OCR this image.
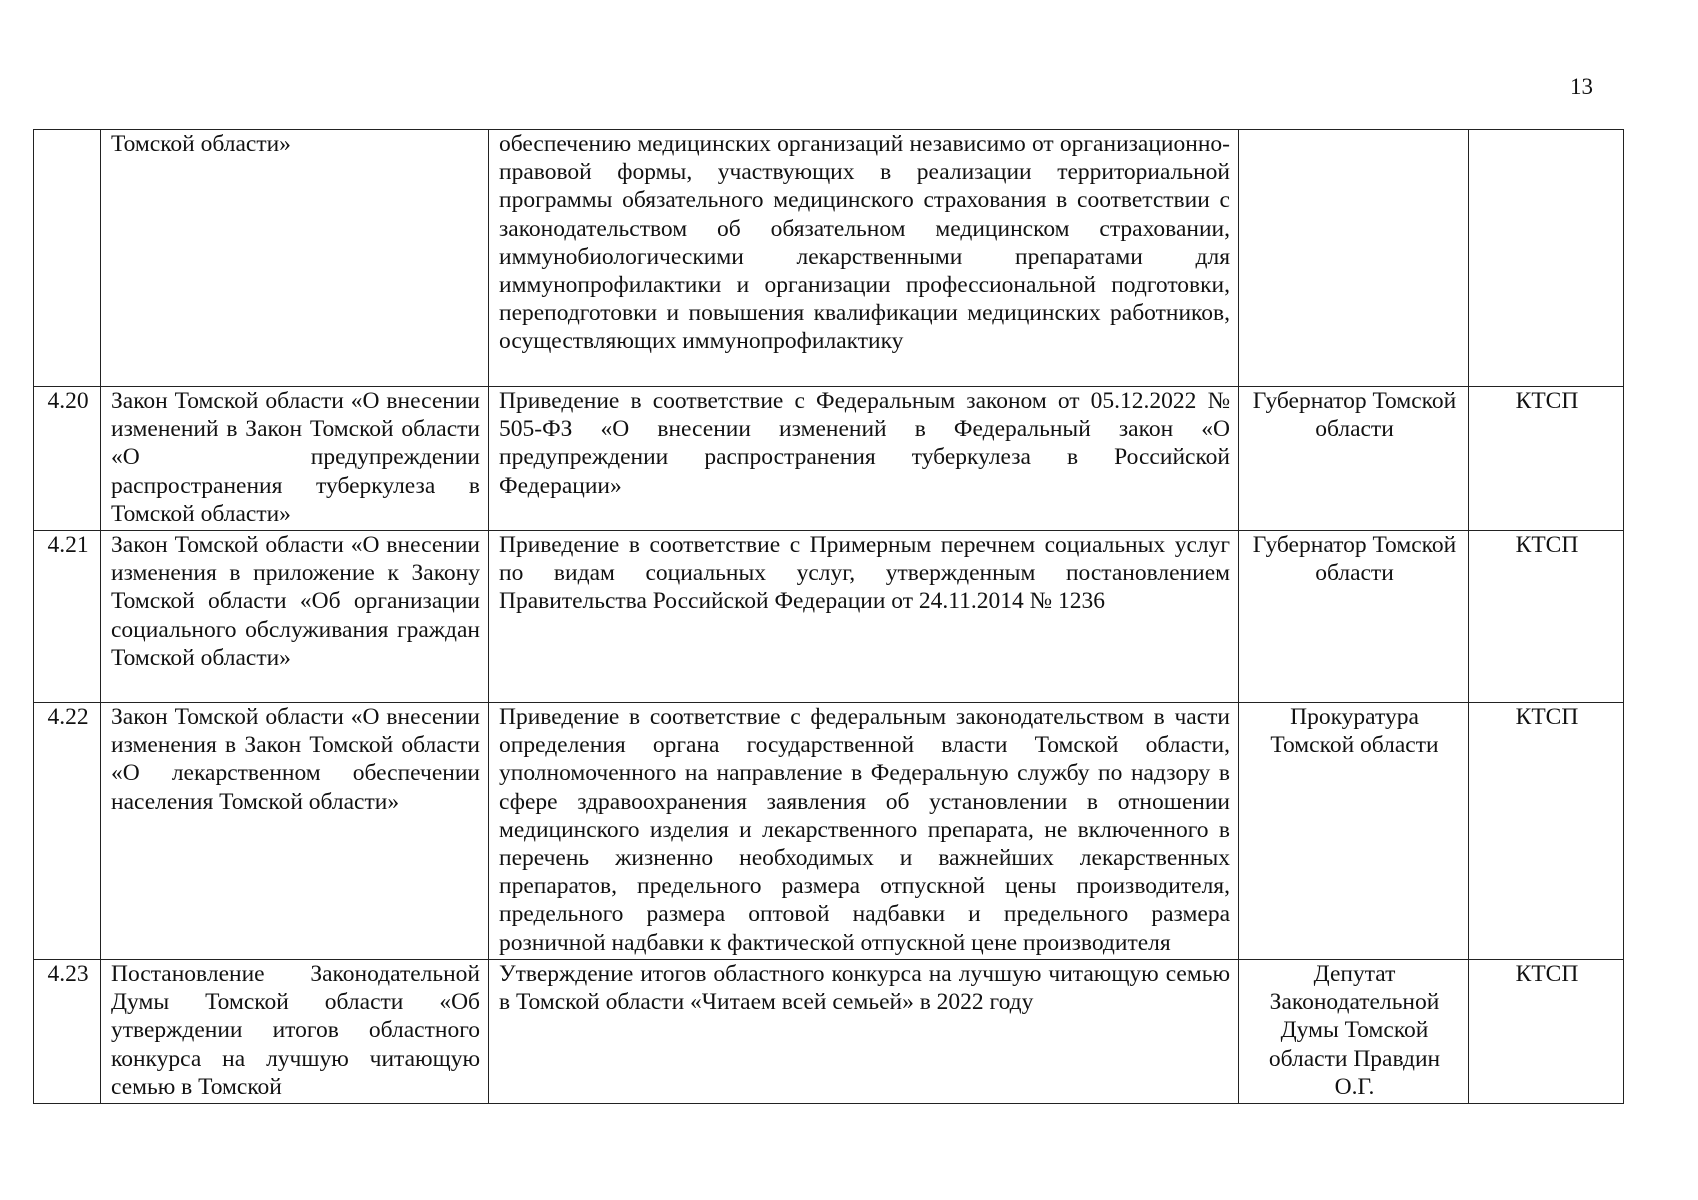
13
	Томской области»	обеспечению медицинских организаций независимо от организационно-правовой формы, участвующих в реализации территориальной программы обязательного медицинского страхования в соответствии с законодательством об обязательном медицинском страховании, иммунобиологическими лекарственными препаратами для иммунопрофилактики и организации профессиональной подготовки, переподготовки и повышения квалификации медицинских работников, осуществляющих иммунопрофилактику		
4.20	Закон Томской области «О внесении изменений в Закон Томской области «О предупреждении распространения туберкулеза в Томской области»	Приведение в соответствие с Федеральным законом от 05.12.2022 № 505-ФЗ «О внесении изменений в Федеральный закон «О предупреждении распространения туберкулеза в Российской Федерации»	Губернатор Томской области	КТСП
4.21	Закон Томской области «О внесении изменения в приложение к Закону Томской области «Об организации социального обслуживания граждан Томской области»	Приведение в соответствие с Примерным перечнем социальных услуг по видам социальных услуг, утвержденным постановлением Правительства Российской Федерации от 24.11.2014 № 1236	Губернатор Томской области	КТСП
4.22	Закон Томской области «О внесении изменения в Закон Томской области «О лекарственном обеспечении населения Томской области»	Приведение в соответствие с федеральным законодательством в части определения органа государственной власти Томской области, уполномоченного на направление в Федеральную службу по надзору в сфере здравоохранения заявления об установлении в отношении медицинского изделия и лекарственного препарата, не включенного в перечень жизненно необходимых и важнейших лекарственных препаратов, предельного размера отпускной цены производителя, предельного размера оптовой надбавки и предельного размера розничной надбавки к фактической отпускной цене производителя	Прокуратура Томской области	КТСП
4.23	Постановление Законодательной Думы Томской области «Об утверждении итогов областного конкурса на лучшую читающую семью в Томской	Утверждение итогов областного конкурса на лучшую читающую семью в Томской области «Читаем всей семьей» в 2022 году	Депутат Законодательной Думы Томской области Правдин О.Г.	КТСП
